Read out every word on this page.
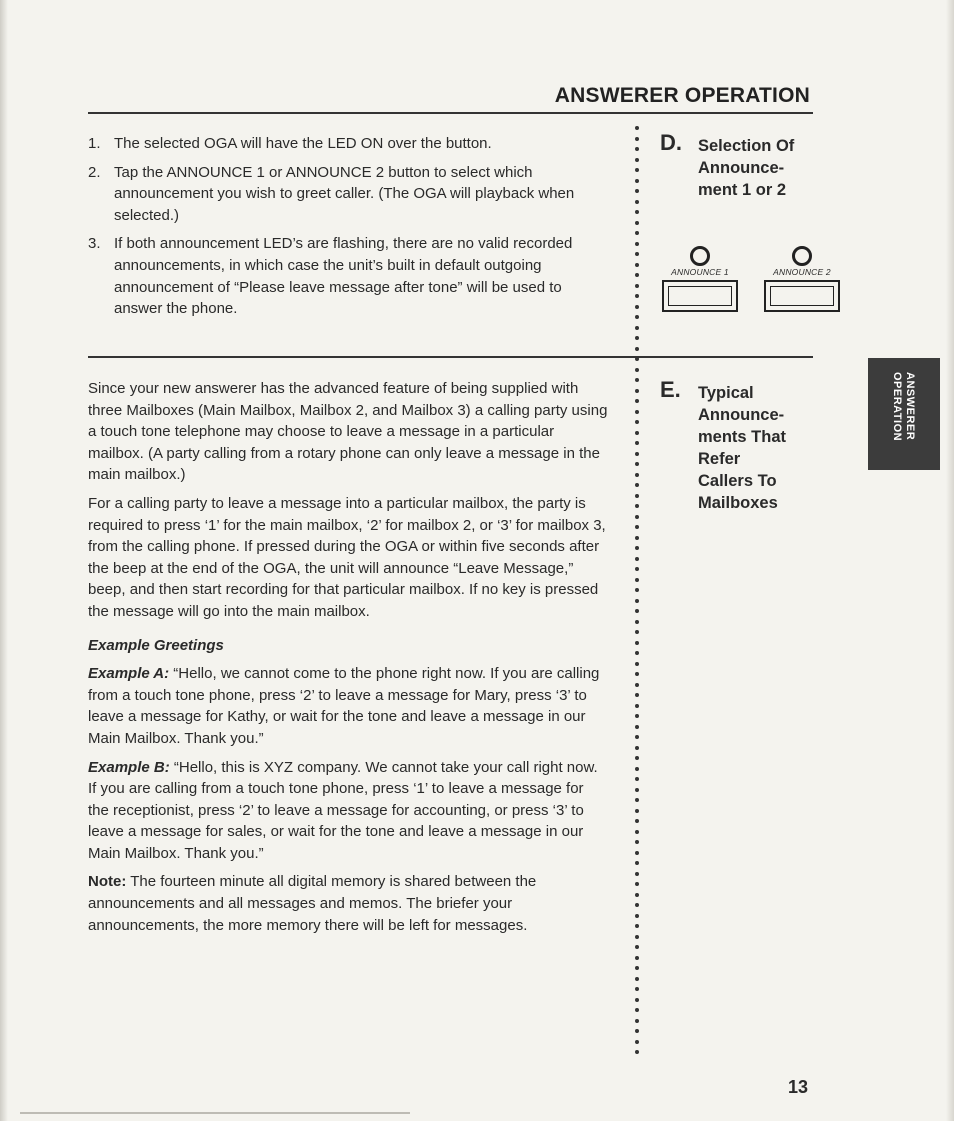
ANSWERER OPERATION
1. The selected OGA will have the LED ON over the button.
2. Tap the ANNOUNCE 1 or ANNOUNCE 2 button to select which announcement you wish to greet caller. (The OGA will playback when selected.)
3. If both announcement LED’s are flashing, there are no valid recorded announcements, in which case the unit’s built in default outgoing announcement of “Please leave message after tone” will be used to answer the phone.
D. Selection Of
Announce-
ment 1 or 2
ANNOUNCE 1	ANNOUNCE 2
E. Typical
Announce-
ments That
Refer
Callers To
Mailboxes

Since your new answerer has the advanced feature of being supplied with three Mailboxes (Main Mailbox, Mailbox 2, and Mailbox 3) a calling party using a touch tone telephone may choose to leave a message in a particular mailbox. (A party calling from a rotary phone can only leave a message in the main mailbox.)

For a calling party to leave a message into a particular mailbox, the party is required to press ‘1’ for the main mailbox, ‘2’ for mailbox 2, or ‘3’ for mailbox 3, from the calling phone. If pressed during the OGA or within five seconds after the beep at the end of the OGA, the unit will announce “Leave Message,” beep, and then start recording for that particular mailbox. If no key is pressed the message will go into the main mailbox.

Example Greetings

Example A: “Hello, we cannot come to the phone right now. If you are calling from a touch tone phone, press ‘2’ to leave a message for Mary, press ‘3’ to leave a message for Kathy, or wait for the tone and leave a message in our Main Mailbox. Thank you.”

Example B: “Hello, this is XYZ company. We cannot take your call right now. If you are calling from a touch tone phone, press ‘1’ to leave a message for the receptionist, press ‘2’ to leave a message for accounting, or press ‘3’ to leave a message for sales, or wait for the tone and leave a message in our Main Mailbox. Thank you.”

Note: The fourteen minute all digital memory is shared between the announcements and all messages and memos. The briefer your announcements, the more memory there will be left for messages.

ANSWERER
OPERATION
13
